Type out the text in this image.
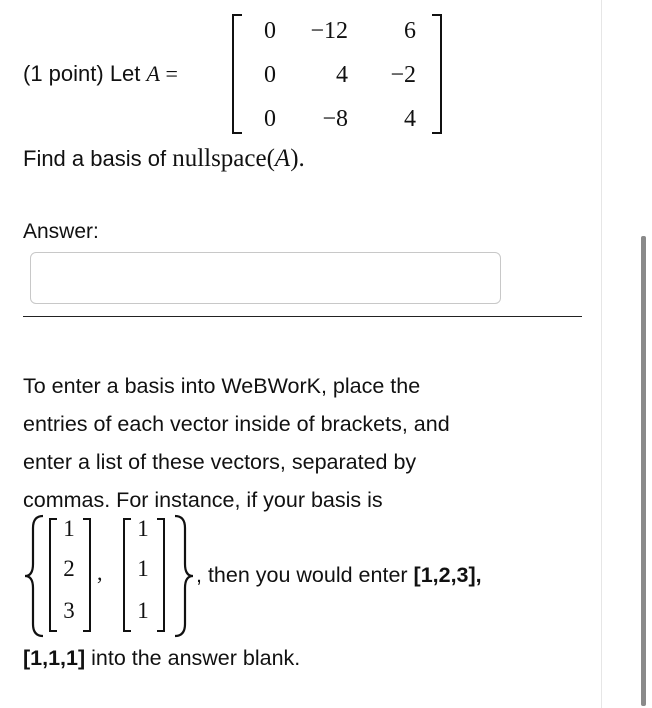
(1 point) Let A =
0 −12	6
0	4	−2
0	−8	4
Find a basis of nullspace(A).
Answer:
To enter a basis into WeBWorK, place the
entries of each vector inside of brackets, and
enter a list of these vectors, separated by
commas. For instance, if your basis is
1
2
3
,
1
1
1
, then you would enter [1,2,3],
[1,1,1] into the answer blank.
